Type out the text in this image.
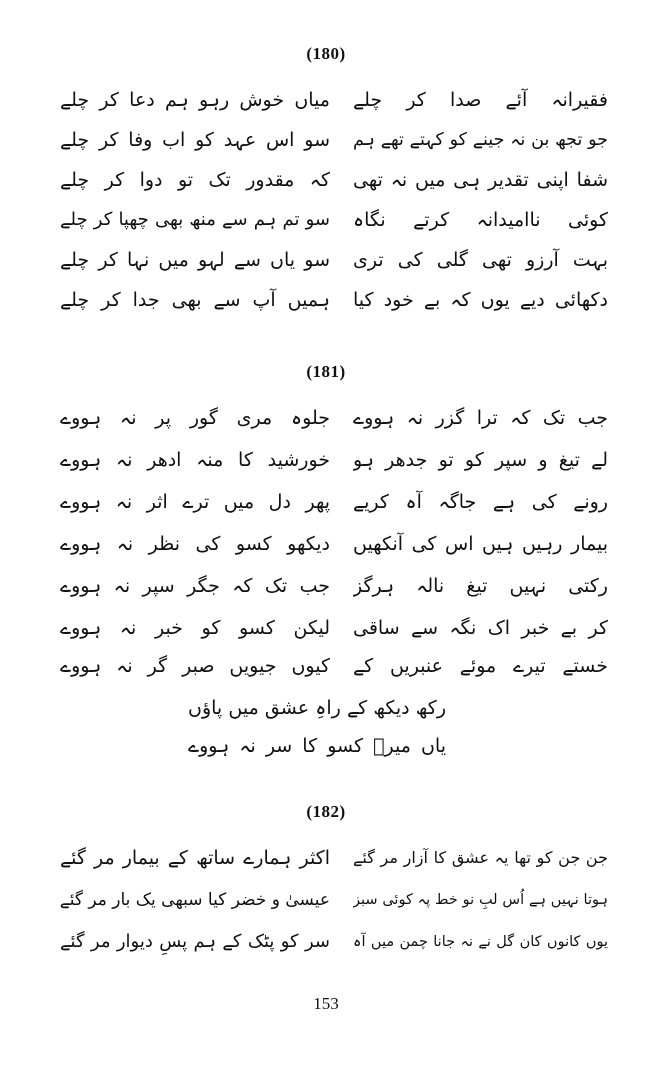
(180)
فقیرانہ آئے صدا کر چلے
میاں خوش رہو ہم دعا کر چلے
جو تجھ بن نہ جینے کو کہتے تھے ہم
سو اس عہد کو اب وفا کر چلے
شفا اپنی تقدیر ہی میں نہ تھی
کہ مقدور تک تو دوا کر چلے
کوئی ناامیدانہ کرتے نگاہ
سو تم ہم سے منھ بھی چھپا کر چلے
بہت آرزو تھی گلی کی تری
سو یاں سے لہو میں نہا کر چلے
دکھائی دیے یوں کہ بے خود کیا
ہمیں آپ سے بھی جدا کر چلے
(181)
جب تک کہ ترا گزر نہ ہووے
جلوہ مری گور پر نہ ہووے
لے تیغ و سپر کو تو جدھر ہو
خورشید کا منہ ادھر نہ ہووے
رونے کی ہے جاگہ آہ کریے
پھر دل میں ترے اثر نہ ہووے
بیمار رہیں ہیں اس کی آنکھیں
دیکھو کسو کی نظر نہ ہووے
رکتی نہیں تیغ نالہ ہرگز
جب تک کہ جگر سپر نہ ہووے
کر بے خبر اک نگہ سے ساقی
لیکن کسو کو خبر نہ ہووے
خستے تیرے موئے عنبریں کے
کیوں جیویں صبر گر نہ ہووے
رکھ دیکھ کے راہِ عشق میں پاؤں
یاں میرؔ کسو کا سر نہ ہووے
(182)
جن جن کو تھا یہ عشق کا آزار مر گئے
اکثر ہمارے ساتھ کے بیمار مر گئے
ہوتا نہیں ہے اُس لبِ نو خط پہ کوئی سبز
عیسیٰ و خضر کیا سبھی یک بار مر گئے
یوں کانوں کان گل نے نہ جانا چمن میں آہ
سر کو پٹک کے ہم پسِ دیوار مر گئے
153
